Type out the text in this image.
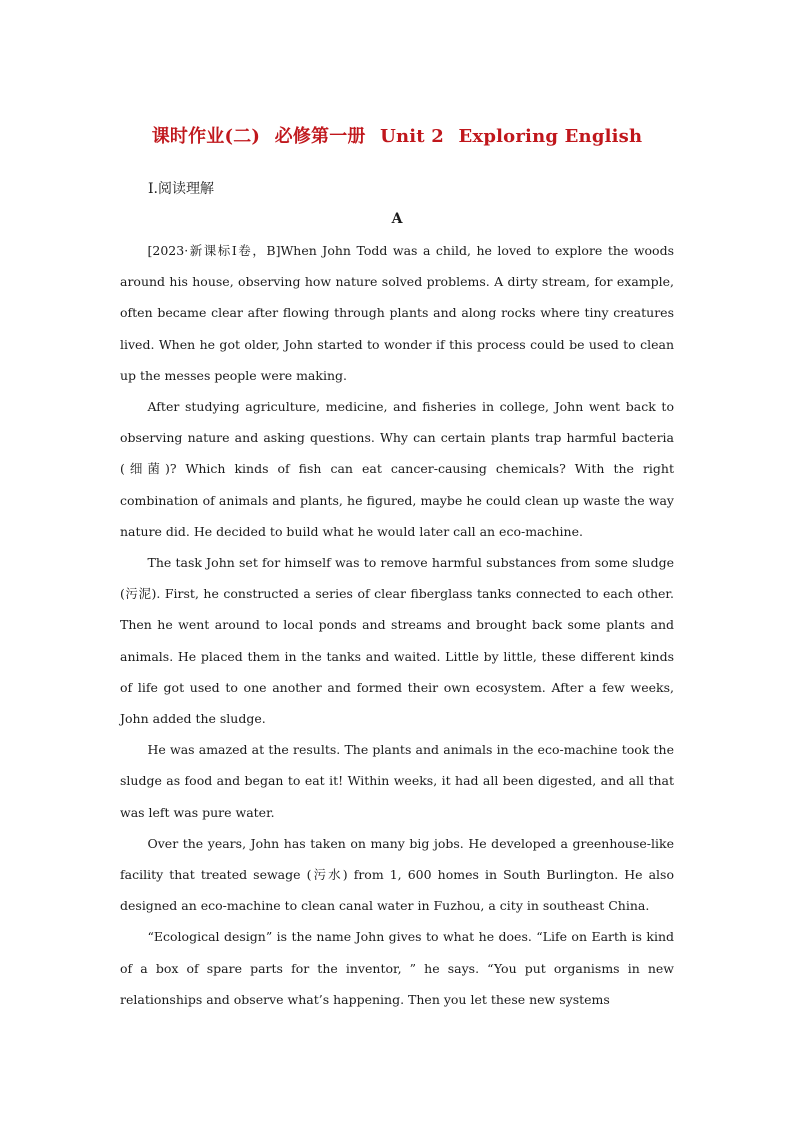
课时作业(二) 必修第一册 Unit 2 Exploring English
Ⅰ.阅读理解
A

[2023·新课标Ⅰ卷，B]When John Todd was a child, he loved to explore the woods around his house, observing how nature solved problems. A dirty stream, for example, often became clear after flowing through plants and along rocks where tiny creatures lived. When he got older, John started to wonder if this process could be used to clean up the messes people were making.

After studying agriculture, medicine, and fisheries in college, John went back to observing nature and asking questions. Why can certain plants trap harmful bacteria (细菌)? Which kinds of fish can eat cancer-causing chemicals? With the right combination of animals and plants, he figured, maybe he could clean up waste the way nature did. He decided to build what he would later call an eco-machine.

The task John set for himself was to remove harmful substances from some sludge (污泥). First, he constructed a series of clear fiberglass tanks connected to each other. Then he went around to local ponds and streams and brought back some plants and animals. He placed them in the tanks and waited. Little by little, these different kinds of life got used to one another and formed their own ecosystem. After a few weeks, John added the sludge.

He was amazed at the results. The plants and animals in the eco-machine took the sludge as food and began to eat it! Within weeks, it had all been digested, and all that was left was pure water.

Over the years, John has taken on many big jobs. He developed a greenhouse-like facility that treated sewage (污水) from 1, 600 homes in South Burlington. He also designed an eco-machine to clean canal water in Fuzhou, a city in southeast China.

“Ecological design” is the name John gives to what he does. “Life on Earth is kind of a box of spare parts for the inventor, ” he says. “You put organisms in new relationships and observe what’s happening. Then you let these new systems
